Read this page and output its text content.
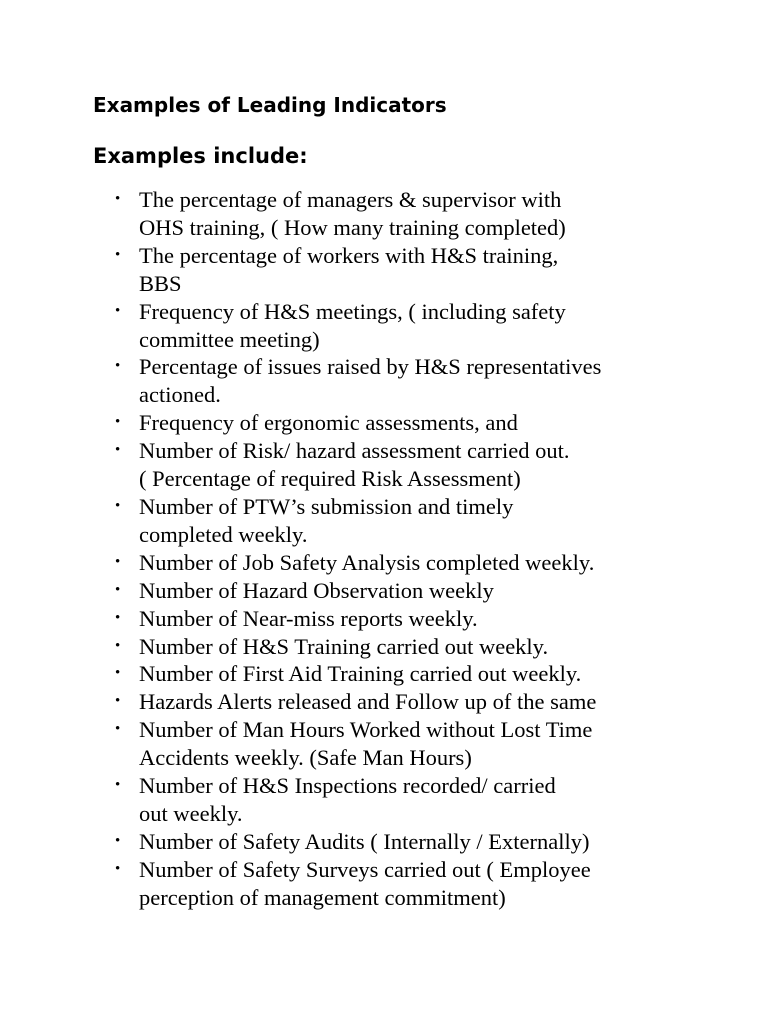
Examples of Leading Indicators
Examples include:
• The percentage of managers & supervisor with
OHS training, ( How many training completed)
• The percentage of workers with H&S training,
BBS
• Frequency of H&S meetings, ( including safety
committee meeting)
• Percentage of issues raised by H&S representatives
actioned.
• Frequency of ergonomic assessments, and
• Number of Risk/ hazard assessment carried out.
( Percentage of required Risk Assessment)
• Number of PTW’s submission and timely
completed weekly.
• Number of Job Safety Analysis completed weekly.
• Number of Hazard Observation weekly
• Number of Near-miss reports weekly.
• Number of H&S Training carried out weekly.
• Number of First Aid Training carried out weekly.
• Hazards Alerts released and Follow up of the same
• Number of Man Hours Worked without Lost Time
Accidents weekly. (Safe Man Hours)
• Number of H&S Inspections recorded/ carried
out weekly.
• Number of Safety Audits ( Internally / Externally)
• Number of Safety Surveys carried out ( Employee
perception of management commitment)
